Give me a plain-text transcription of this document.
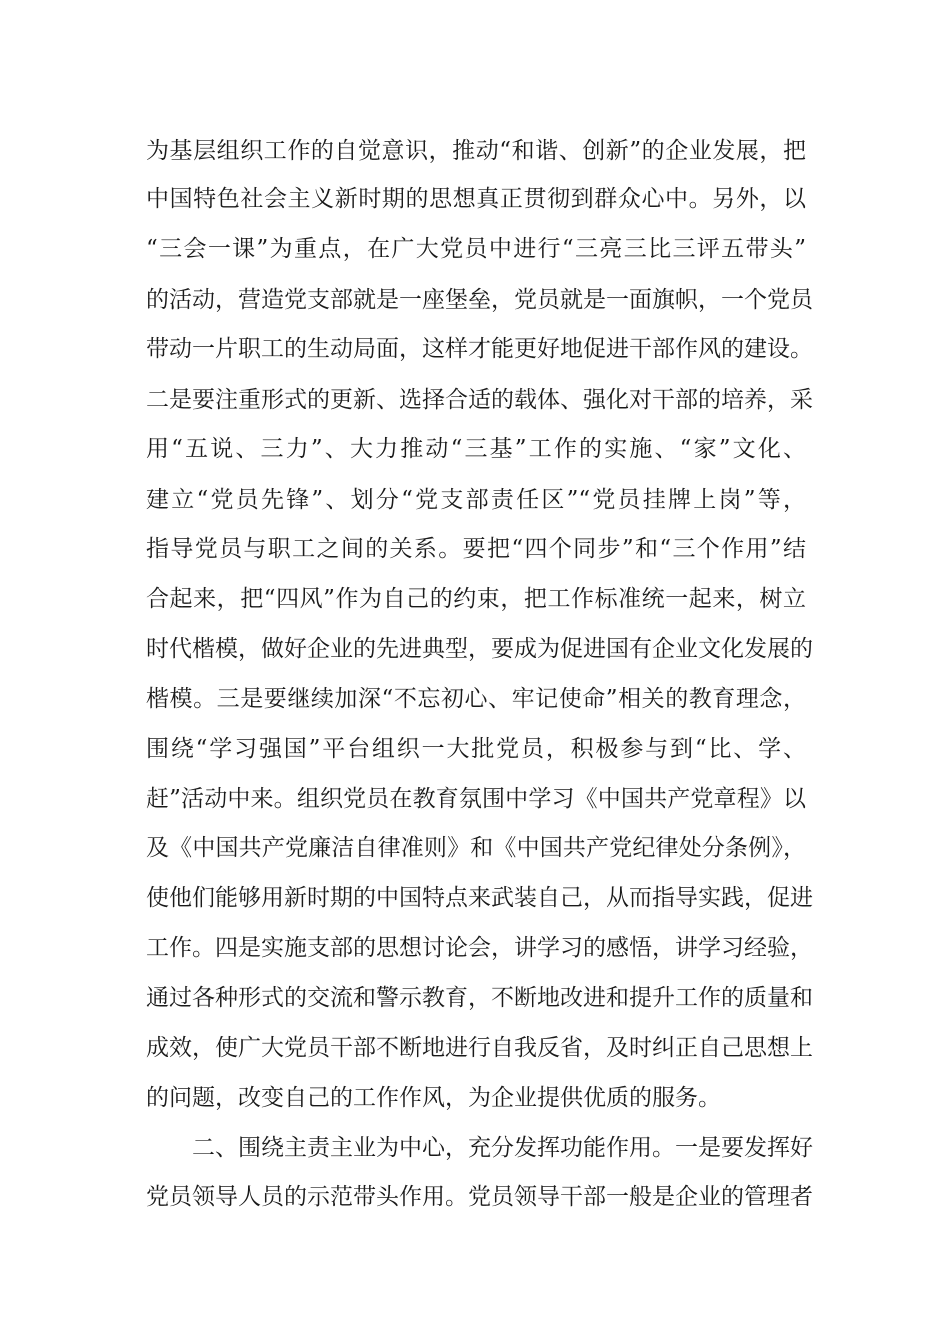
为基层组织工作的自觉意识，推动“和谐、创新”的企业发展，把
中国特色社会主义新时期的思想真正贯彻到群众心中。另外，以
“三会一课”为重点，在广大党员中进行“三亮三比三评五带头”
的活动，营造党支部就是一座堡垒，党员就是一面旗帜，一个党员
带动一片职工的生动局面，这样才能更好地促进干部作风的建设。
二是要注重形式的更新、选择合适的载体、强化对干部的培养，采
用“五说、三力”、大力推动“三基”工作的实施、“家”文化、
建立“党员先锋”、划分“党支部责任区”“党员挂牌上岗”等，
指导党员与职工之间的关系。要把“四个同步”和“三个作用”结
合起来，把“四风”作为自己的约束，把工作标准统一起来，树立
时代楷模，做好企业的先进典型，要成为促进国有企业文化发展的
楷模。三是要继续加深“不忘初心、牢记使命”相关的教育理念，
围绕“学习强国”平台组织一大批党员，积极参与到“比、学、
赶”活动中来。组织党员在教育氛围中学习《中国共产党章程》以
及《中国共产党廉洁自律准则》和《中国共产党纪律处分条例》，
使他们能够用新时期的中国特点来武装自己，从而指导实践，促进
工作。四是实施支部的思想讨论会，讲学习的感悟，讲学习经验，
通过各种形式的交流和警示教育，不断地改进和提升工作的质量和
成效，使广大党员干部不断地进行自我反省，及时纠正自己思想上
的问题，改变自己的工作作风，为企业提供优质的服务。
二、围绕主责主业为中心，充分发挥功能作用。一是要发挥好
党员领导人员的示范带头作用。党员领导干部一般是企业的管理者
